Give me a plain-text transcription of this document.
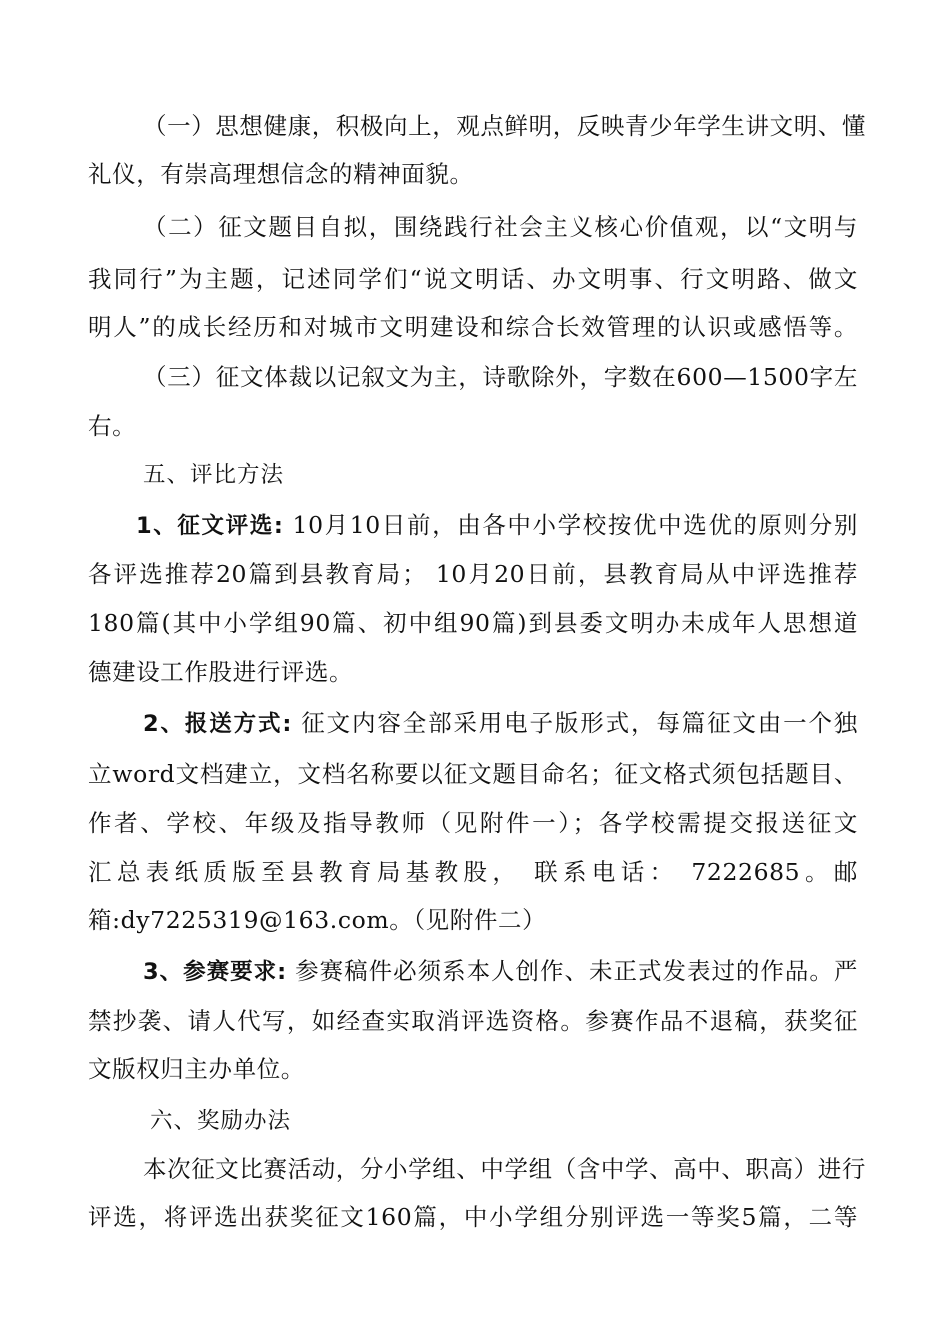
（一）思想健康，积极向上，观点鲜明，反映青少年学生讲文明、懂
礼仪，有崇高理想信念的精神面貌。
（二）征文题目自拟，围绕践行社会主义核心价值观，以“文明与
我同行”为主题，记述同学们“说文明话、办文明事、行文明路、做文
明人”的成长经历和对城市文明建设和综合长效管理的认识或感悟等。
（三）征文体裁以记叙文为主，诗歌除外，字数在600—1500字左
右。
五、评比方法
1、征文评选: 10月10日前，由各中小学校按优中选优的原则分别
各评选推荐20篇到县教育局； 10月20日前，县教育局从中评选推荐
180篇(其中小学组90篇、初中组90篇)到县委文明办未成年人思想道
德建设工作股进行评选。
2、报送方式: 征文内容全部采用电子版形式，每篇征文由一个独
立word文档建立，文档名称要以征文题目命名；征文格式须包括题目、
作者、学校、年级及指导教师（见附件一）；各学校需提交报送征文
汇总表纸质版至县教育局基教股， 联系电话： 7222685。邮
箱:dy7225319@163.com。（见附件二）
3、参赛要求: 参赛稿件必须系本人创作、未正式发表过的作品。严
禁抄袭、请人代写，如经查实取消评选资格。参赛作品不退稿，获奖征
文版权归主办单位。
六、奖励办法
本次征文比赛活动，分小学组、中学组（含中学、高中、职高）进行
评选，将评选出获奖征文160篇，中小学组分别评选一等奖5篇，二等
